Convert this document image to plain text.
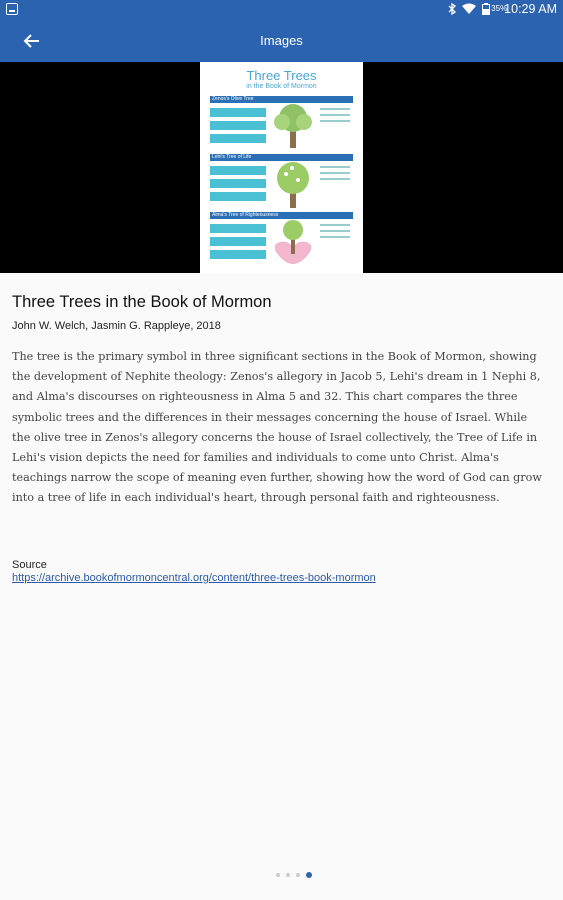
35%
10:29 AM
Images
Three Trees
in the Book of Mormon
Zenos's Olive Tree
Lehi's Tree of Life
Alma's Tree of Righteousness
Three Trees in the Book of Mormon
John W. Welch, Jasmin G. Rappleye, 2018
The tree is the primary symbol in three significant sections in the Book of Mormon, showing the development of Nephite theology: Zenos's allegory in Jacob 5, Lehi's dream in 1 Nephi 8, and Alma's discourses on righteousness in Alma 5 and 32. This chart compares the three symbolic trees and the differences in their messages concerning the house of Israel. While the olive tree in Zenos's allegory concerns the house of Israel collectively, the Tree of Life in Lehi's vision depicts the need for families and individuals to come unto Christ. Alma's teachings narrow the scope of meaning even further, showing how the word of God can grow into a tree of life in each individual's heart, through personal faith and righteousness.
Source
https://archive.bookofmormoncentral.org/content/three-trees-book-mormon
